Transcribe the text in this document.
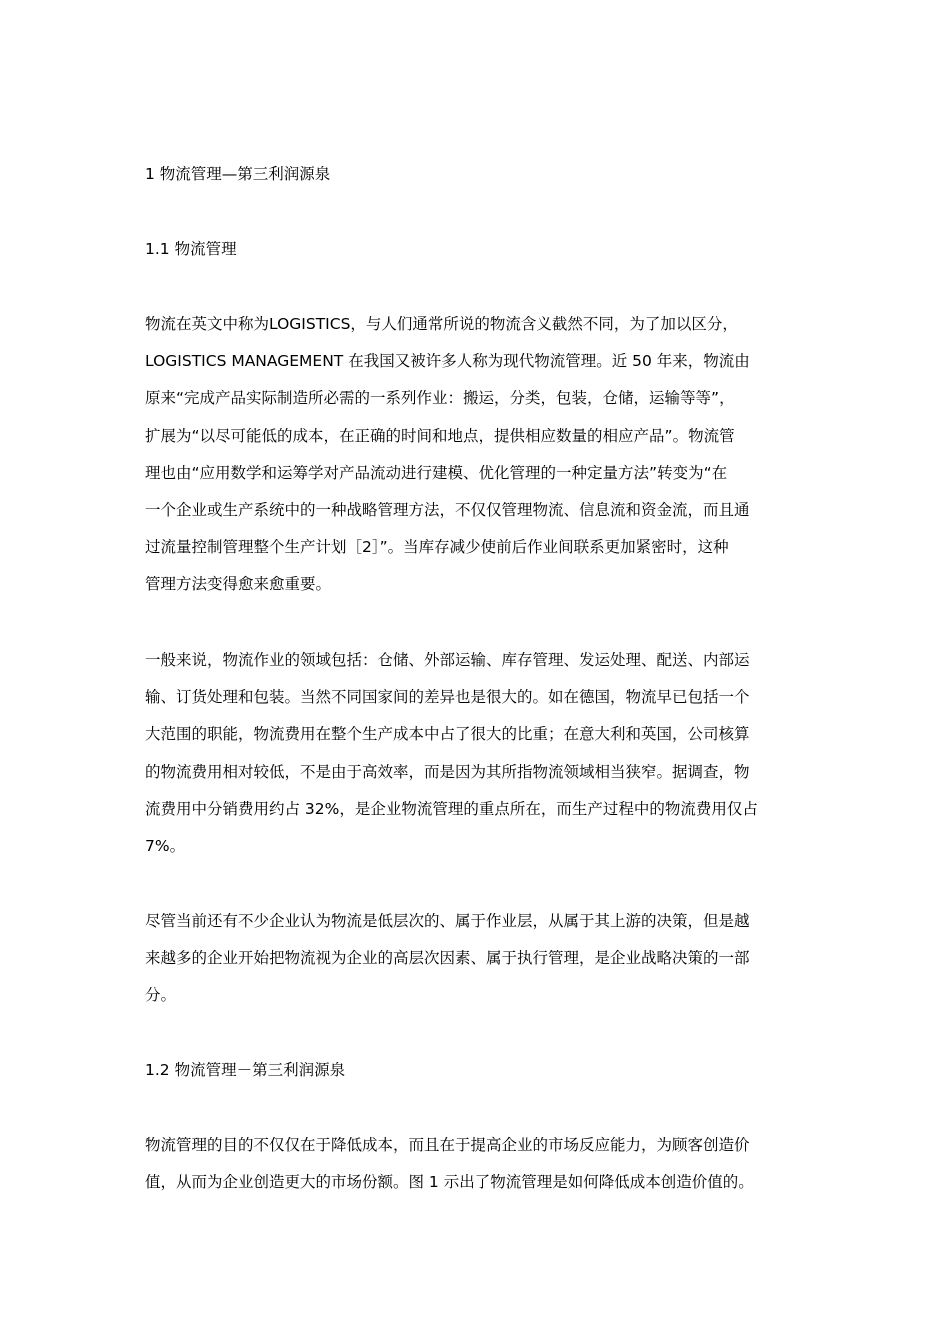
1 物流管理—第三利润源泉
1.1 物流管理
物流在英文中称为LOGISTICS，与人们通常所说的物流含义截然不同，为了加以区分，
LOGISTICS MANAGEMENT 在我国又被许多人称为现代物流管理。近 50 年来，物流由
原来“完成产品实际制造所必需的一系列作业：搬运，分类，包装，仓储，运输等等”，
扩展为“以尽可能低的成本，在正确的时间和地点，提供相应数量的相应产品”。物流管
理也由“应用数学和运筹学对产品流动进行建模、优化管理的一种定量方法”转变为“在
一个企业或生产系统中的一种战略管理方法，不仅仅管理物流、信息流和资金流，而且通
过流量控制管理整个生产计划［2］”。当库存减少使前后作业间联系更加紧密时，这种
管理方法变得愈来愈重要。
一般来说，物流作业的领域包括：仓储、外部运输、库存管理、发运处理、配送、内部运
输、订货处理和包装。当然不同国家间的差异也是很大的。如在德国，物流早已包括一个
大范围的职能，物流费用在整个生产成本中占了很大的比重；在意大利和英国，公司核算
的物流费用相对较低，不是由于高效率，而是因为其所指物流领域相当狭窄。据调查，物
流费用中分销费用约占 32%，是企业物流管理的重点所在，而生产过程中的物流费用仅占
7%。
尽管当前还有不少企业认为物流是低层次的、属于作业层，从属于其上游的决策，但是越
来越多的企业开始把物流视为企业的高层次因素、属于执行管理，是企业战略决策的一部
分。
1.2 物流管理－第三利润源泉
物流管理的目的不仅仅在于降低成本，而且在于提高企业的市场反应能力，为顾客创造价
值，从而为企业创造更大的市场份额。图 1 示出了物流管理是如何降低成本创造价值的。
